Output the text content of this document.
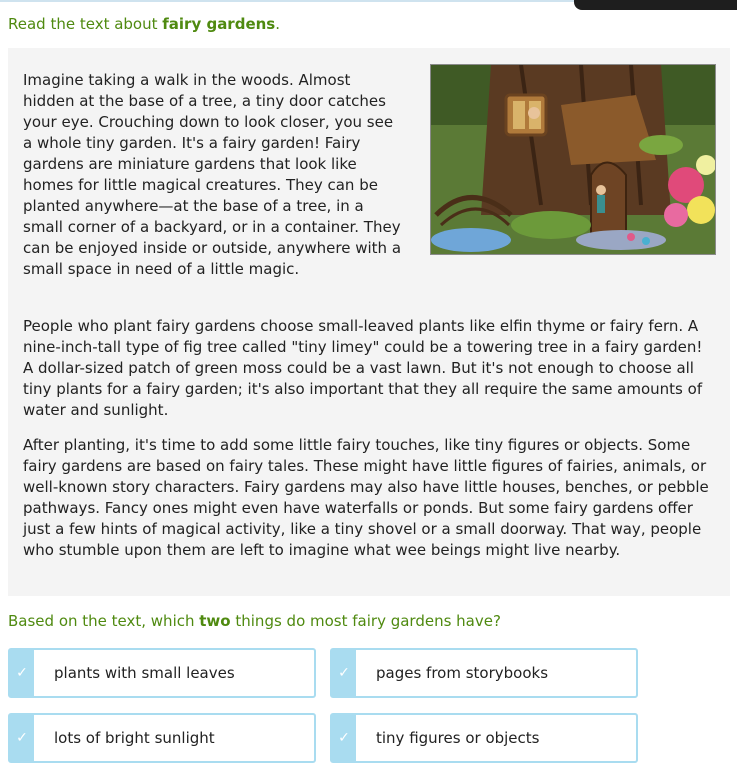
Read the text about fairy gardens.

Imagine taking a walk in the woods. Almost hidden at the base of a tree, a tiny door catches your eye. Crouching down to look closer, you see a whole tiny garden. It's a fairy garden! Fairy gardens are miniature gardens that look like homes for little magical creatures. They can be planted anywhere—at the base of a tree, in a small corner of a backyard, or in a container. They can be enjoyed inside or outside, anywhere with a small space in need of a little magic.

People who plant fairy gardens choose small-leaved plants like elfin thyme or fairy fern. A nine-inch-tall type of fig tree called "tiny limey" could be a towering tree in a fairy garden! A dollar-sized patch of green moss could be a vast lawn. But it's not enough to choose all tiny plants for a fairy garden; it's also important that they all require the same amounts of water and sunlight.

After planting, it's time to add some little fairy touches, like tiny figures or objects. Some fairy gardens are based on fairy tales. These might have little figures of fairies, animals, or well-known story characters. Fairy gardens may also have little houses, benches, or pebble pathways. Fancy ones might even have waterfalls or ponds. But some fairy gardens offer just a few hints of magical activity, like a tiny shovel or a small doorway. That way, people who stumble upon them are left to imagine what wee beings might live nearby.

Based on the text, which two things do most fairy gardens have?
✓	plants with small leaves	✓	pages from storybooks
✓	lots of bright sunlight	✓	tiny figures or objects
